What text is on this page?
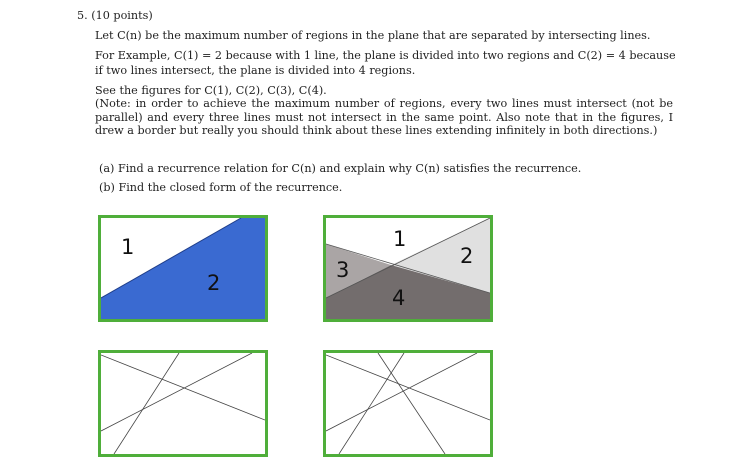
5. (10 points)
Let C(n) be the maximum number of regions in the plane that are separated by intersecting lines.
For Example, C(1) = 2 because with 1 line, the plane is divided into two regions and C(2) = 4 because
if two lines intersect, the plane is divided into 4 regions.
See the figures for C(1), C(2), C(3), C(4).
(Note: in order to achieve the maximum number of regions, every two lines must intersect (not be parallel) and every three lines must not intersect in the same point. Also note that in the figures, I drew a border but really you should think about these lines extending infinitely in both directions.)
(a) Find a recurrence relation for C(n) and explain why C(n) satisfies the recurrence.
(b) Find the closed form of the recurrence.
1
2
1
2
3
4
